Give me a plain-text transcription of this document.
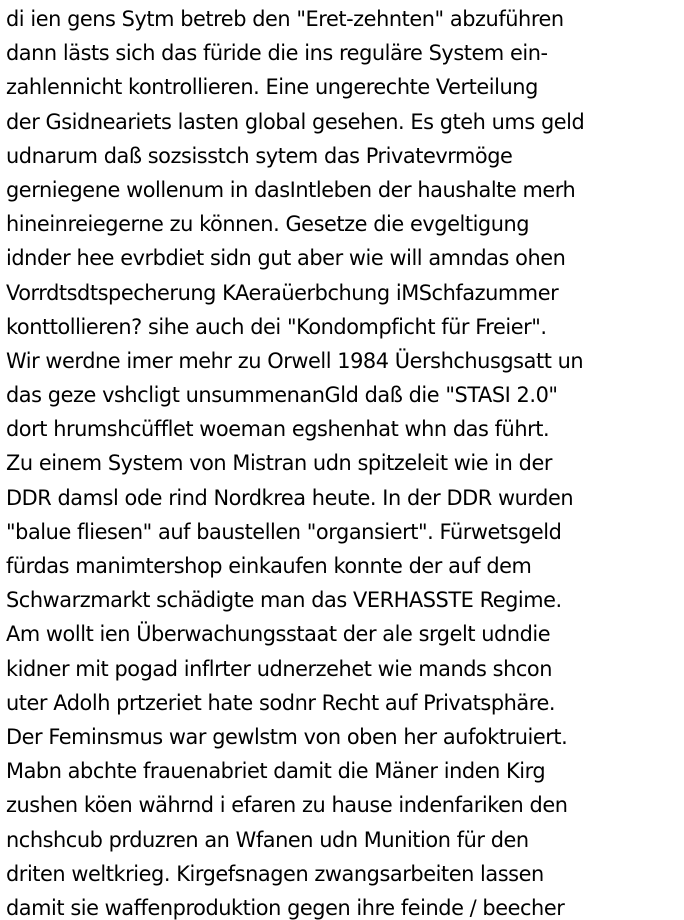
di ien gens Sytm betreb den "Eret-zehnten" abzuführen
dann lästs sich das füride die ins reguläre System ein-
zahlennicht kontrollieren. Eine ungerechte Verteilung
der Gsidneariets lasten global gesehen. Es gteh ums geld
udnarum daß sozsisstch sytem das Privatevrmöge
gerniegene wollenum in dasIntleben der haushalte merh
hineinreiegerne zu können. Gesetze die evgeltigung
idnder hee evrbdiet sidn gut aber wie will amndas ohen
Vorrdtsdtspecherung KAeraüerbchung iMSchfazummer
konttollieren? sihe auch dei "Kondompficht für Freier".
Wir werdne imer mehr zu Orwell 1984 Üershchusgsatt un
das geze vshcligt unsummenanGld daß die "STASI 2.0"
dort hrumshcüfflet woeman egshenhat whn das führt.
Zu einem System von Mistran udn spitzeleit wie in der
DDR damsl ode rind Nordkrea heute. In der DDR wurden
"balue fliesen" auf baustellen "organsiert". Fürwetsgeld
fürdas manimtershop einkaufen konnte der auf dem
Schwarzmarkt schädigte man das VERHASSTE Regime.
Am wollt ien Überwachungsstaat der ale srgelt udndie
kidner mit pogad inflrter udnerzehet wie mands shcon
uter Adolh prtzeriet hate sodnr Recht auf Privatsphäre.
Der Feminsmus war gewlstm von oben her aufoktruiert.
Mabn abchte frauenabriet damit die Mäner inden Kirg
zushen köen währnd i efaren zu hause indenfariken den
nchshcub prduzren an Wfanen udn Munition für den
driten weltkrieg. Kirgefsnagen zwangsarbeiten lassen
damit sie waffenproduktion gegen ihre feinde / beecher
